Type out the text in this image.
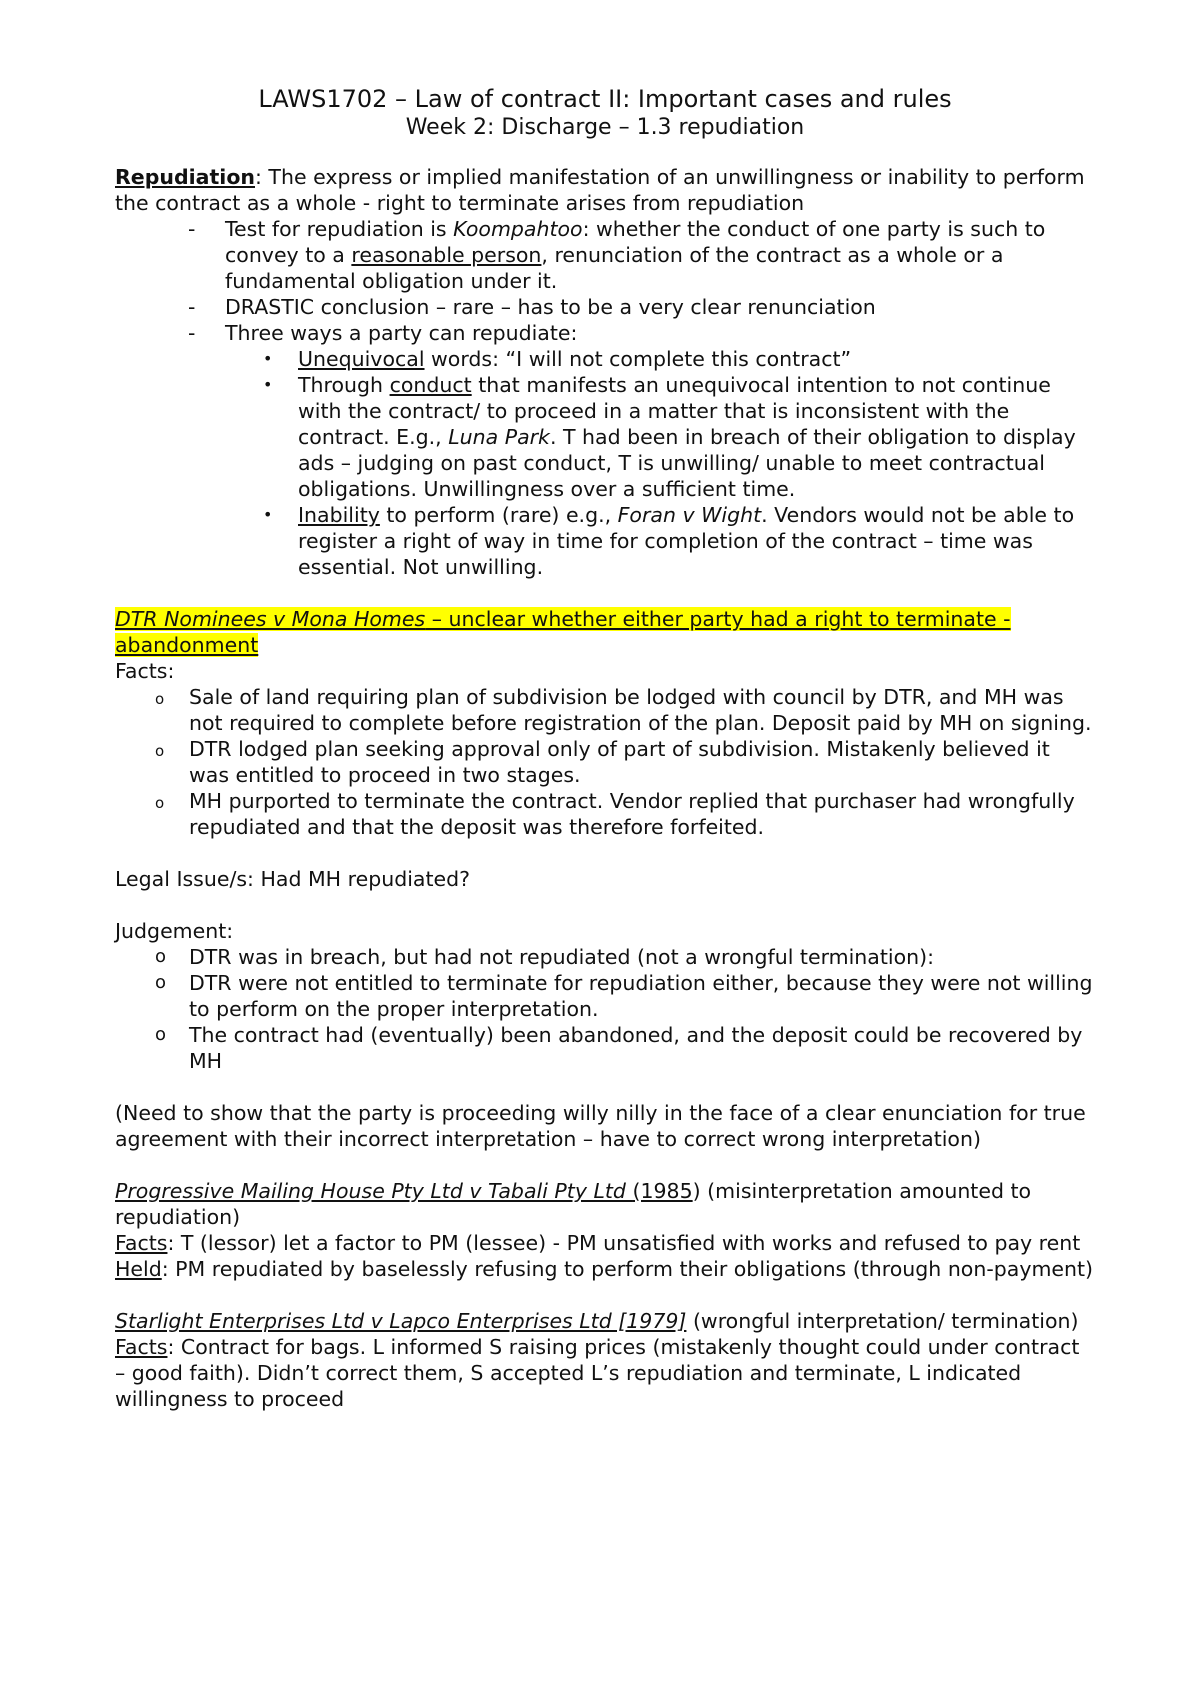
LAWS1702 – Law of contract II: Important cases and rules

Week 2: Discharge – 1.3 repudiation

Repudiation: The express or implied manifestation of an unwillingness or inability to perform the contract as a whole - right to terminate arises from repudiation

- Test for repudiation is Koompahtoo: whether the conduct of one party is such to convey to a reasonable person, renunciation of the contract as a whole or a fundamental obligation under it.
- DRASTIC conclusion – rare – has to be a very clear renunciation
- Three ways a party can repudiate:
• Unequivocal words: “I will not complete this contract”
• Through conduct that manifests an unequivocal intention to not continue with the contract/ to proceed in a matter that is inconsistent with the contract. E.g., Luna Park. T had been in breach of their obligation to display ads – judging on past conduct, T is unwilling/ unable to meet contractual obligations. Unwillingness over a sufficient time.
• Inability to perform (rare) e.g., Foran v Wight. Vendors would not be able to register a right of way in time for completion of the contract – time was essential. Not unwilling.

DTR Nominees v Mona Homes – unclear whether either party had a right to terminate - abandonment

Facts:

o Sale of land requiring plan of subdivision be lodged with council by DTR, and MH was not required to complete before registration of the plan. Deposit paid by MH on signing.
o DTR lodged plan seeking approval only of part of subdivision. Mistakenly believed it was entitled to proceed in two stages.
o MH purported to terminate the contract. Vendor replied that purchaser had wrongfully repudiated and that the deposit was therefore forfeited.

Legal Issue/s: Had MH repudiated?

Judgement:

o DTR was in breach, but had not repudiated (not a wrongful termination):
o DTR were not entitled to terminate for repudiation either, because they were not willing to perform on the proper interpretation.
o The contract had (eventually) been abandoned, and the deposit could be recovered by MH

(Need to show that the party is proceeding willy nilly in the face of a clear enunciation for true agreement with their incorrect interpretation – have to correct wrong interpretation)

Progressive Mailing House Pty Ltd v Tabali Pty Ltd (1985) (misinterpretation amounted to repudiation)

Facts: T (lessor) let a factor to PM (lessee) - PM unsatisfied with works and refused to pay rent

Held: PM repudiated by baselessly refusing to perform their obligations (through non-payment)

Starlight Enterprises Ltd v Lapco Enterprises Ltd [1979] (wrongful interpretation/ termination)

Facts: Contract for bags. L informed S raising prices (mistakenly thought could under contract – good faith). Didn’t correct them, S accepted L’s repudiation and terminate, L indicated willingness to proceed
